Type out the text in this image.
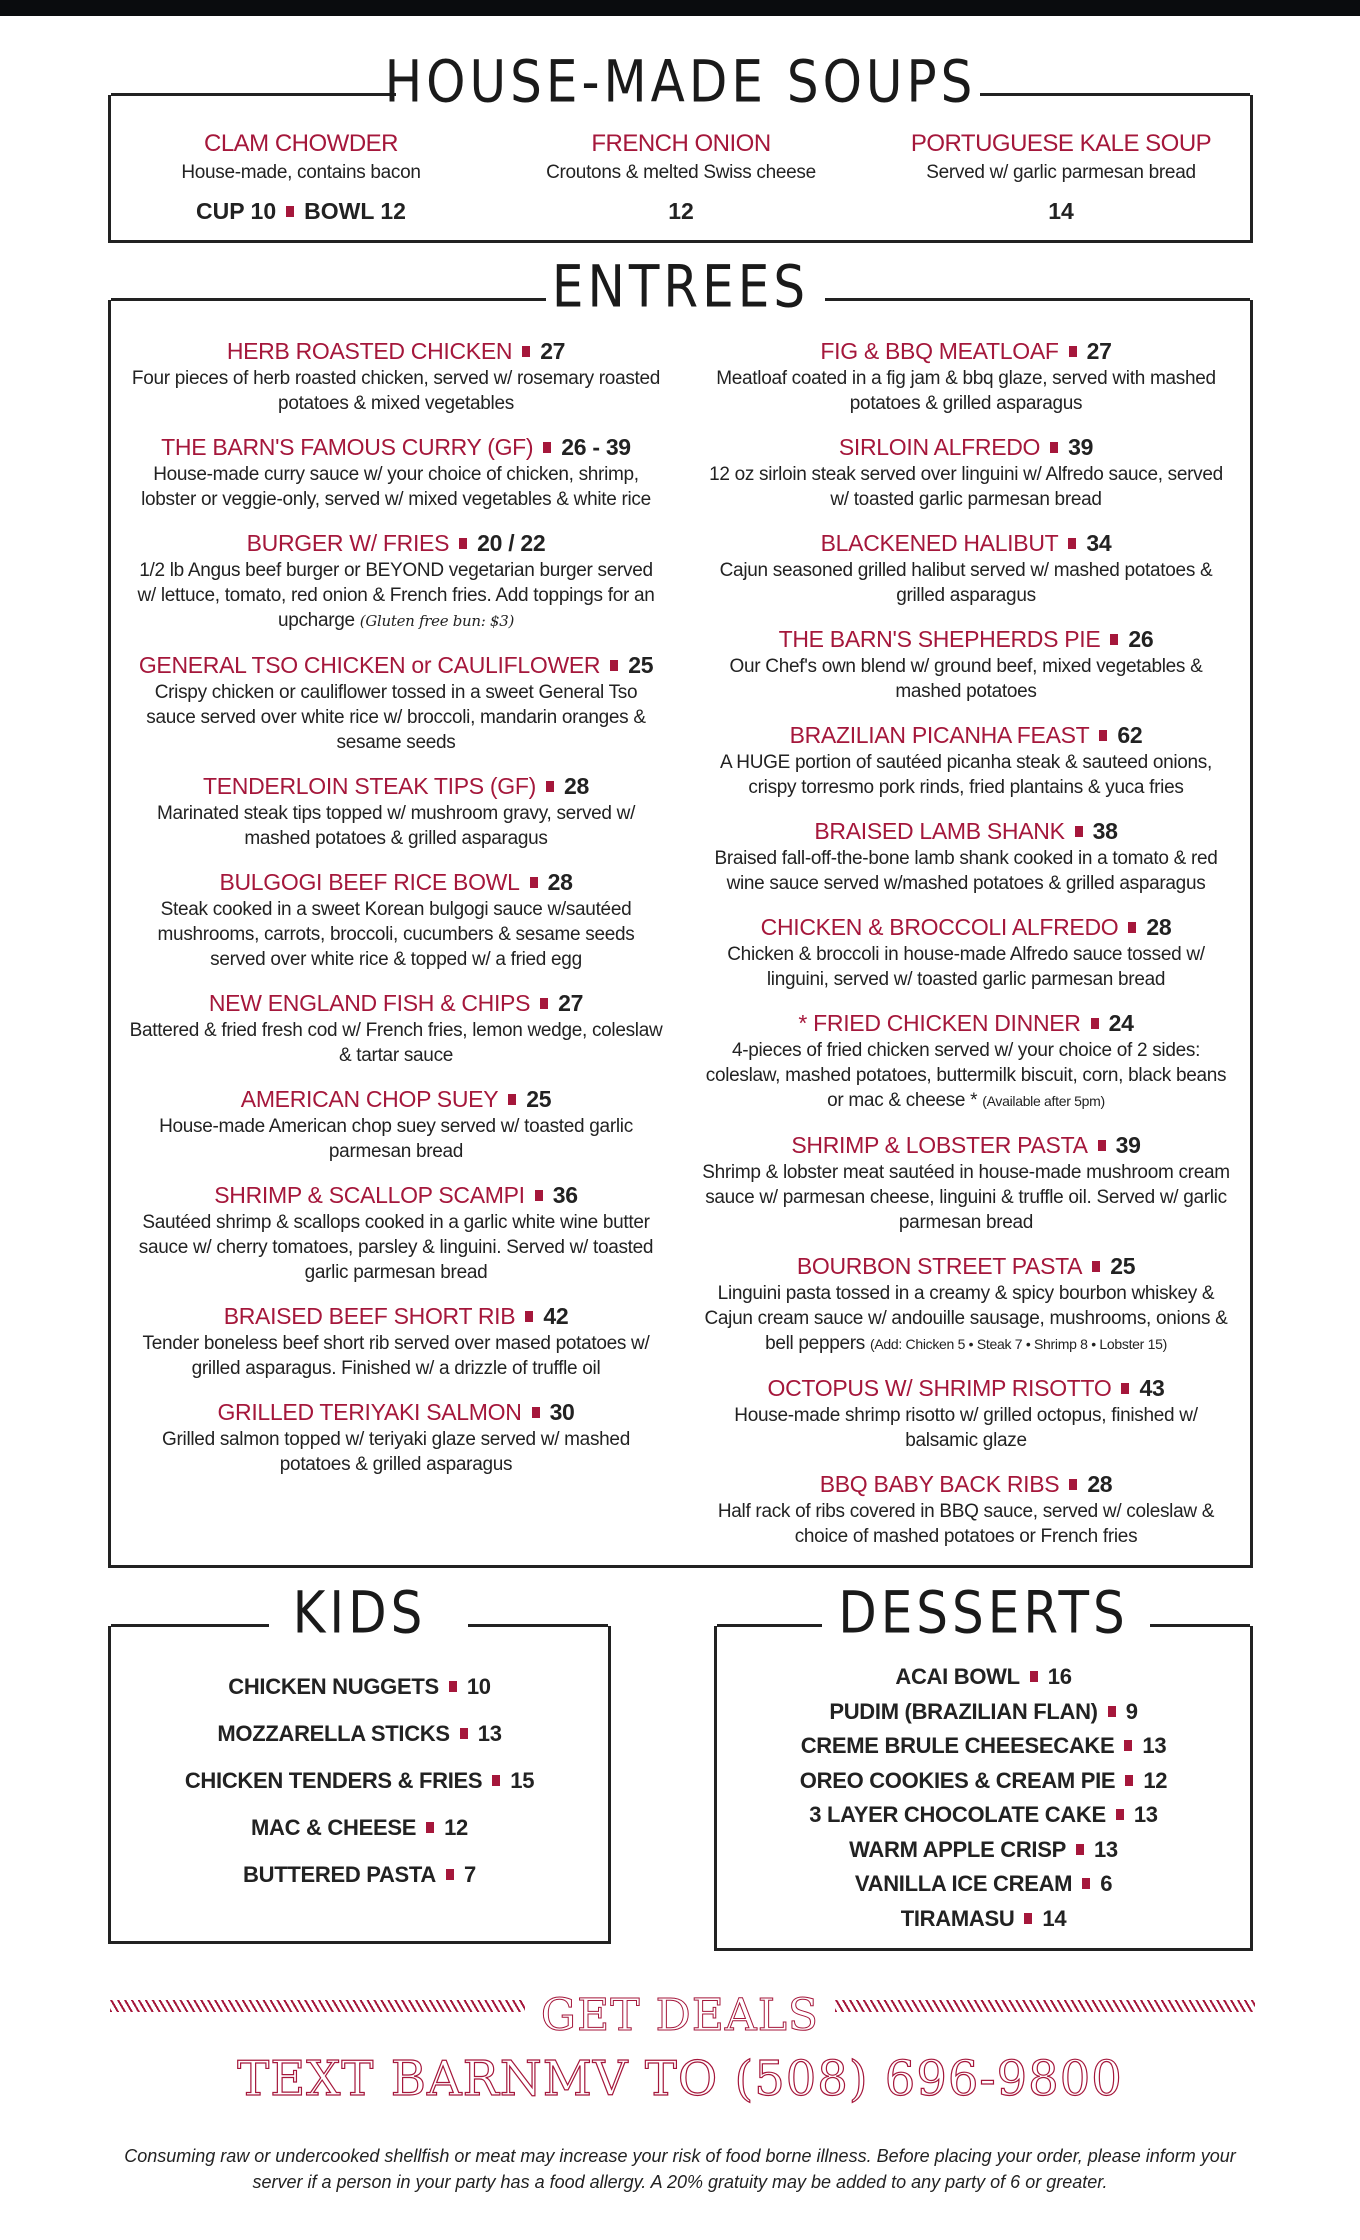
HOUSE-MADE SOUPS
CLAM CHOWDER
House-made, contains bacon
CUP 10 BOWL 12
FRENCH ONION
Croutons & melted Swiss cheese
12
PORTUGUESE KALE SOUP
Served w/ garlic parmesan bread
14
ENTREES
HERB ROASTED CHICKEN 27
Four pieces of herb roasted chicken, served w/ rosemary roasted potatoes & mixed vegetables
THE BARN'S FAMOUS CURRY (GF) 26 - 39
House-made curry sauce w/ your choice of chicken, shrimp, lobster or veggie-only, served w/ mixed vegetables & white rice
BURGER W/ FRIES 20 / 22
1/2 lb Angus beef burger or BEYOND vegetarian burger served w/ lettuce, tomato, red onion & French fries. Add toppings for an upcharge (Gluten free bun: $3)
GENERAL TSO CHICKEN or CAULIFLOWER 25
Crispy chicken or cauliflower tossed in a sweet General Tso sauce served over white rice w/ broccoli, mandarin oranges & sesame seeds
TENDERLOIN STEAK TIPS (GF) 28
Marinated steak tips topped w/ mushroom gravy, served w/ mashed potatoes & grilled asparagus
BULGOGI BEEF RICE BOWL 28
Steak cooked in a sweet Korean bulgogi sauce w/sautéed mushrooms, carrots, broccoli, cucumbers & sesame seeds served over white rice & topped w/ a fried egg
NEW ENGLAND FISH & CHIPS 27
Battered & fried fresh cod w/ French fries, lemon wedge, coleslaw & tartar sauce
AMERICAN CHOP SUEY 25
House-made American chop suey served w/ toasted garlic parmesan bread
SHRIMP & SCALLOP SCAMPI 36
Sautéed shrimp & scallops cooked in a garlic white wine butter sauce w/ cherry tomatoes, parsley & linguini. Served w/ toasted garlic parmesan bread
BRAISED BEEF SHORT RIB 42
Tender boneless beef short rib served over mased potatoes w/ grilled asparagus. Finished w/ a drizzle of truffle oil
GRILLED TERIYAKI SALMON 30
Grilled salmon topped w/ teriyaki glaze served w/ mashed potatoes & grilled asparagus
FIG & BBQ MEATLOAF 27
Meatloaf coated in a fig jam & bbq glaze, served with mashed potatoes & grilled asparagus
SIRLOIN ALFREDO 39
12 oz sirloin steak served over linguini w/ Alfredo sauce, served w/ toasted garlic parmesan bread
BLACKENED HALIBUT 34
Cajun seasoned grilled halibut served w/ mashed potatoes & grilled asparagus
THE BARN'S SHEPHERDS PIE 26
Our Chef's own blend w/ ground beef, mixed vegetables & mashed potatoes
BRAZILIAN PICANHA FEAST 62
A HUGE portion of sautéed picanha steak & sauteed onions, crispy torresmo pork rinds, fried plantains & yuca fries
BRAISED LAMB SHANK 38
Braised fall-off-the-bone lamb shank cooked in a tomato & red wine sauce served w/mashed potatoes & grilled asparagus
CHICKEN & BROCCOLI ALFREDO 28
Chicken & broccoli in house-made Alfredo sauce tossed w/ linguini, served w/ toasted garlic parmesan bread
* FRIED CHICKEN DINNER 24
4-pieces of fried chicken served w/ your choice of 2 sides: coleslaw, mashed potatoes, buttermilk biscuit, corn, black beans or mac & cheese * (Available after 5pm)
SHRIMP & LOBSTER PASTA 39
Shrimp & lobster meat sautéed in house-made mushroom cream sauce w/ parmesan cheese, linguini & truffle oil. Served w/ garlic parmesan bread
BOURBON STREET PASTA 25
Linguini pasta tossed in a creamy & spicy bourbon whiskey & Cajun cream sauce w/ andouille sausage, mushrooms, onions & bell peppers (Add: Chicken 5 • Steak 7 • Shrimp 8 • Lobster 15)
OCTOPUS W/ SHRIMP RISOTTO 43
House-made shrimp risotto w/ grilled octopus, finished w/ balsamic glaze
BBQ BABY BACK RIBS 28
Half rack of ribs covered in BBQ sauce, served w/ coleslaw & choice of mashed potatoes or French fries
KIDS
CHICKEN NUGGETS 10
MOZZARELLA STICKS 13
CHICKEN TENDERS & FRIES 15
MAC & CHEESE 12
BUTTERED PASTA 7
DESSERTS
ACAI BOWL 16
PUDIM (BRAZILIAN FLAN) 9
CREME BRULE CHEESECAKE 13
OREO COOKIES & CREAM PIE 12
3 LAYER CHOCOLATE CAKE 13
WARM APPLE CRISP 13
VANILLA ICE CREAM 6
TIRAMASU 14
GET DEALS
TEXT BARNMV TO (508) 696-9800
Consuming raw or undercooked shellfish or meat may increase your risk of food borne illness. Before placing your order, please inform your server if a person in your party has a food allergy. A 20% gratuity may be added to any party of 6 or greater.
